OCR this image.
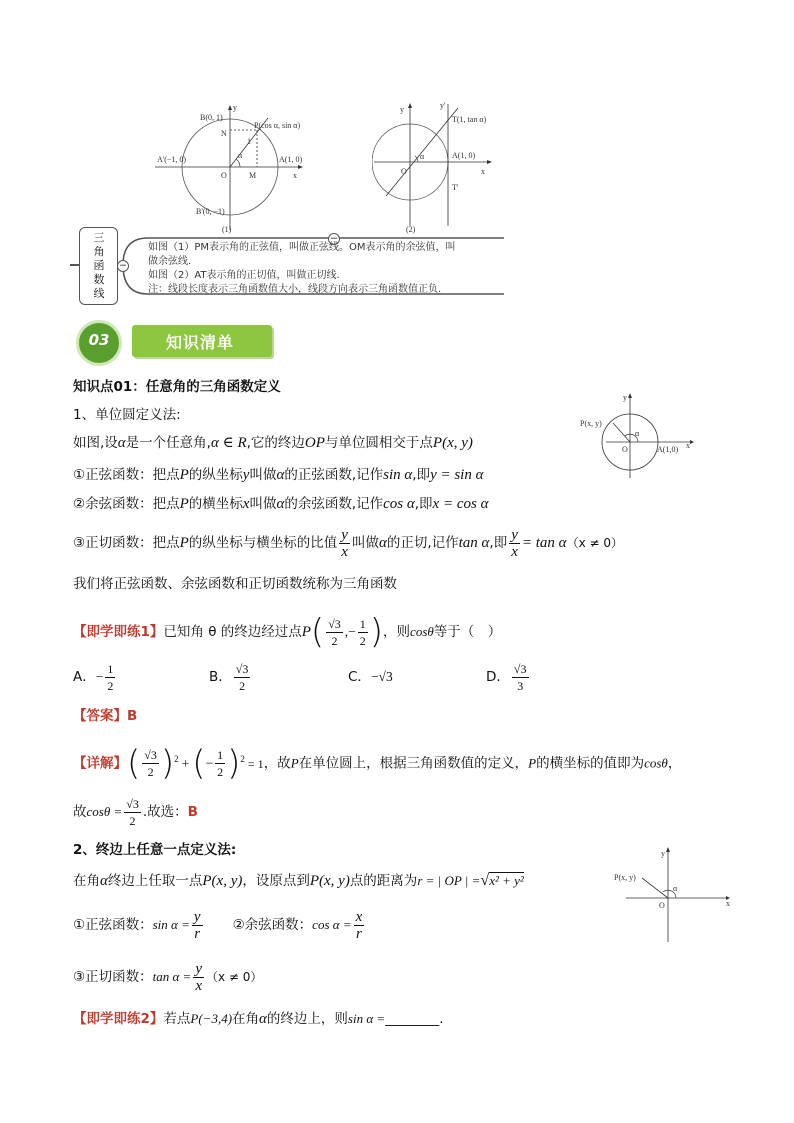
B(0, 1)
P(cos α, sin α)
N
1
α
A'(−1, 0)	A(1, 0)
O	M	x
y
B'(0, −1)
(1)
y'
T(1, tan α)
y
α	A(1, 0)
O	x
T'
(2)
三
角
函
数
线
−
−
如图（1）PM表示角的正弦值，叫做正弦线。OM表示角的余弦值，叫
做余弦线.
如图（2）AT表示角的正切值，叫做正切线.
注：线段长度表示三角函数值大小，线段方向表示三角函数值正负.
03	知识清单
知识点01：任意角的三角函数定义
1、单位圆定义法:
如图,设α是一个任意角,α ∈ R,它的终边OP与单位圆相交于点P(x, y)
①正弦函数：把点P的纵坐标y叫做α的正弦函数,记作sin α,即y = sin α
②余弦函数：把点P的横坐标x叫做α的余弦函数,记作cos α,即x = cos α
③正切函数：把点P的纵坐标与横坐标的比值 $\frac{y}{x}$ 叫做α的正切,记作tan α,即 $\frac{y}{x} = \tan \alpha(x \ne 0)$
我们将正弦函数、余弦函数和正切函数统称为三角函数
P(x, y)
y
α
O	A(1,0) x
【即学即练1】已知角 θ 的终边经过点$P( \frac{√3}{2}$ ,− $\frac{1}{2}$ )，则cosθ等于（　）
A．− $\frac{1}{2}$	B． $\frac{√3}{2}$	C．−√3	D． $\frac{√3}{3}$
【答案】B
【详解】( $\frac{√3}{2} )^2$ +(− $\frac{1}{2} )^2 = 1$，故P在单位圆上，根据三角函数值的定义，P的横坐标的值即为cosθ，
故$\cos\theta = \frac{√3}{2}$ .故选：B
2、终边上任意一点定义法:
在角α终边上任取一点P(x, y)，设原点到P(x, y)点的距离为r = | OP | =√x² + y²
①正弦函数：$\sin \alpha = \frac{y}{r}$ ②余弦函数：$\cos \alpha = \frac{x}{r}$
③正切函数：$\tan \alpha = \frac{y}{x} (x \ne 0)$
P(x, y)
y
α
O	x
【即学即练2】若点P(−3,4)在角α的终边上，则sin α =________.
